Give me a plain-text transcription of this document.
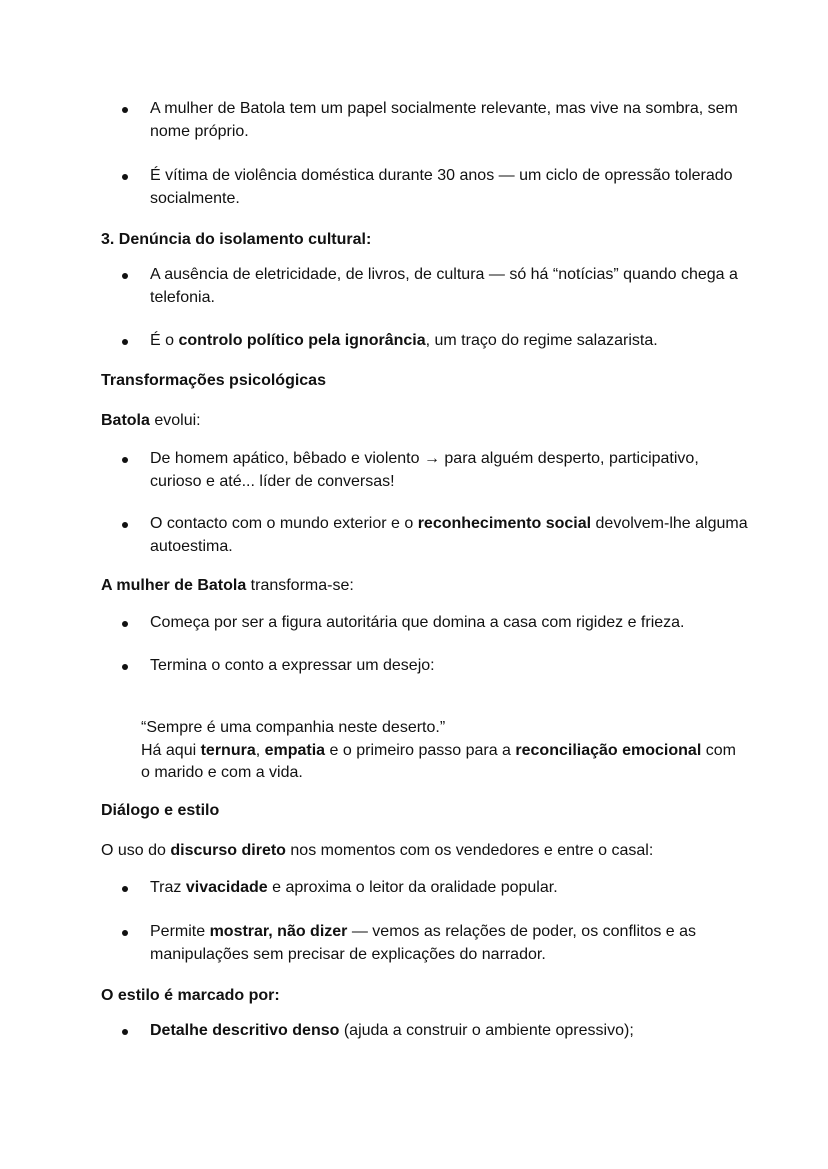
A mulher de Batola tem um papel socialmente relevante, mas vive na sombra, sem nome próprio.
É vítima de violência doméstica durante 30 anos — um ciclo de opressão tolerado socialmente.
3. Denúncia do isolamento cultural:
A ausência de eletricidade, de livros, de cultura — só há “notícias” quando chega a telefonia.
É o controlo político pela ignorância, um traço do regime salazarista.
Transformações psicológicas
Batola evolui:
De homem apático, bêbado e violento → para alguém desperto, participativo, curioso e até... líder de conversas!
O contacto com o mundo exterior e o reconhecimento social devolvem-lhe alguma autoestima.
A mulher de Batola transforma-se:
Começa por ser a figura autoritária que domina a casa com rigidez e frieza.
Termina o conto a expressar um desejo:
“Sempre é uma companhia neste deserto.”
Há aqui ternura, empatia e o primeiro passo para a reconciliação emocional com o marido e com a vida.
Diálogo e estilo
O uso do discurso direto nos momentos com os vendedores e entre o casal:
Traz vivacidade e aproxima o leitor da oralidade popular.
Permite mostrar, não dizer — vemos as relações de poder, os conflitos e as manipulações sem precisar de explicações do narrador.
O estilo é marcado por:
Detalhe descritivo denso (ajuda a construir o ambiente opressivo);
